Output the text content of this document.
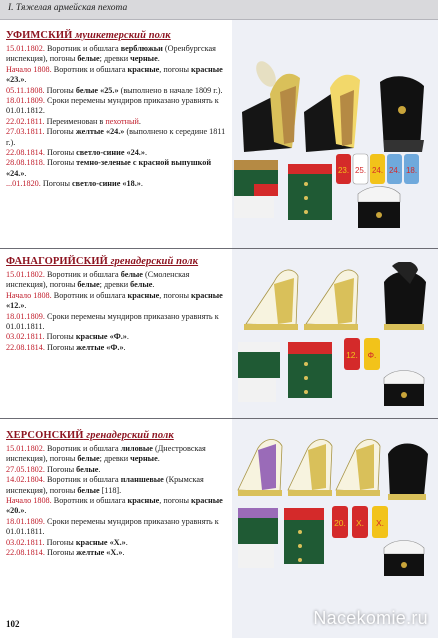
I. Тяжелая армейская пехота
УФИМСКИЙ мушкетерский полк
15.01.1802. Воротник и обшлага верблюжьи (Оренбургская инспекция), погоны белые; древки черные.
Начало 1808. Воротник и обшлага красные, погоны красные «23.».
05.11.1808. Погоны белые «25.» (выполнено в начале 1809 г.).
18.01.1809. Сроки перемены мундиров приказано уравнять к 01.01.1812.
22.02.1811. Переименован в пехотный.
27.03.1811. Погоны желтые «24.» (выполнено к середине 1811 г.).
22.08.1814. Погоны светло-синие «24.».
28.08.1818. Погоны темно-зеленые с красной выпушкой «24.».
...01.1820. Погоны светло-синие «18.».
ФАНАГОРИЙСКИЙ гренадерский полк
15.01.1802. Воротник и обшлага белые (Смоленская инспекция), погоны белые; древки белые.
Начало 1808. Воротник и обшлага красные, погоны красные «12.».
18.01.1809. Сроки перемены мундиров приказано уравнять к 01.01.1811.
03.02.1811. Погоны красные «Ф.».
22.08.1814. Погоны желтые «Ф.».
ХЕРСОНСКИЙ гренадерский полк
15.01.1802. Воротник и обшлага лиловые (Днестровская инспекция), погоны белые; древки черные.
27.05.1802. Погоны белые.
14.02.1804. Воротник и обшлага планшевые (Крымская инспекция), погоны белые [118].
Начало 1808. Воротник и обшлага красные, погоны красные «20.».
18.01.1809. Сроки перемены мундиров приказано уравнять к 01.01.1811.
03.02.1811. Погоны красные «Х.».
22.08.1814. Погоны желтые «Х.».
23. 25. 24. 24. 18.
12. Ф.
20. Х. Х.
102	Nacekomie.ru
